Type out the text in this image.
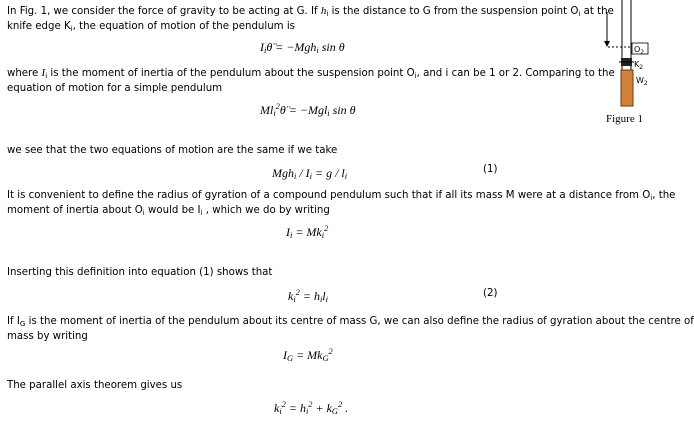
In Fig. 1, we consider the force of gravity to be acting at G. If $h_i$ is the distance to G from the suspension point $O_i$ at the
knife edge $K_i$, the equation of motion of the pendulum is
$I_i\thetä = -Mgh_i$ sin θ
where $I_i$ is the moment of inertia of the pendulum about the suspension point $O_i$, and i can be 1 or 2. Comparing to the
equation of motion for a simple pendulum
$Ml_i^2\thetä = -Mgl_i$ sin θ
we see that the two equations of motion are the same if we take
$Mgh_i / I_i = g / l_i$
(1)
It is convenient to define the radius of gyration of a compound pendulum such that if all its mass M were at a distance from $O_i$, the
moment of inertia about $O_i$ would be $I_i$ , which we do by writing
$I_i = Mk_i^2$
Inserting this definition into equation (1) shows that
$k_i^2 = h_il_i$
(2)
If $I_G$ is the moment of inertia of the pendulum about its centre of mass G, we can also define the radius of gyration about the centre of
mass by writing
$I_G = Mk_G^2$
The parallel axis theorem gives us
$k_i^2 = h_i^2 + k_G^2$ .
$O_2$
$K_2$
$W_2$
Figure 1
